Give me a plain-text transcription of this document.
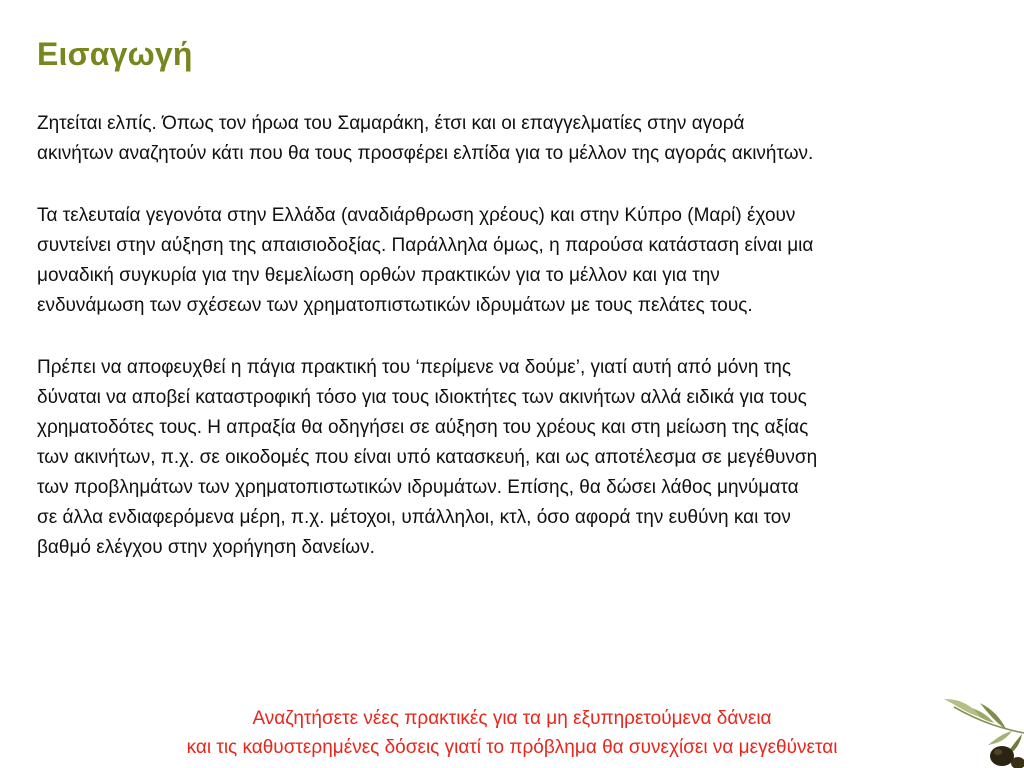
Εισαγωγή

Ζητείται ελπίς. Όπως τον ήρωα του Σαμαράκη, έτσι και οι επαγγελματίες στην αγορά
ακινήτων αναζητούν κάτι που θα τους προσφέρει ελπίδα για το μέλλον της αγοράς ακινήτων.

Τα τελευταία γεγονότα στην Ελλάδα (αναδιάρθρωση χρέους) και στην Κύπρο (Μαρί) έχουν
συντείνει στην αύξηση της απαισιοδοξίας. Παράλληλα όμως, η παρούσα κατάσταση είναι μια
μοναδική συγκυρία για την θεμελίωση ορθών πρακτικών για το μέλλον και για την
ενδυνάμωση των σχέσεων των χρηματοπιστωτικών ιδρυμάτων με τους πελάτες τους.

Πρέπει να αποφευχθεί η πάγια πρακτική του ‘περίμενε να δούμε’, γιατί αυτή από μόνη της
δύναται να αποβεί καταστροφική τόσο για τους ιδιοκτήτες των ακινήτων αλλά ειδικά για τους
χρηματοδότες τους. Η απραξία θα οδηγήσει σε αύξηση του χρέους και στη μείωση της αξίας
των ακινήτων, π.χ. σε οικοδομές που είναι υπό κατασκευή, και ως αποτέλεσμα σε μεγέθυνση
των προβλημάτων των χρηματοπιστωτικών ιδρυμάτων. Επίσης, θα δώσει λάθος μηνύματα
σε άλλα ενδιαφερόμενα μέρη, π.χ. μέτοχοι, υπάλληλοι, κτλ, όσο αφορά την ευθύνη και τον
βαθμό ελέγχου στην χορήγηση δανείων.

Αναζητήσετε νέες πρακτικές για τα μη εξυπηρετούμενα δάνεια
και τις καθυστερημένες δόσεις γιατί το πρόβλημα θα συνεχίσει να μεγεθύνεται
